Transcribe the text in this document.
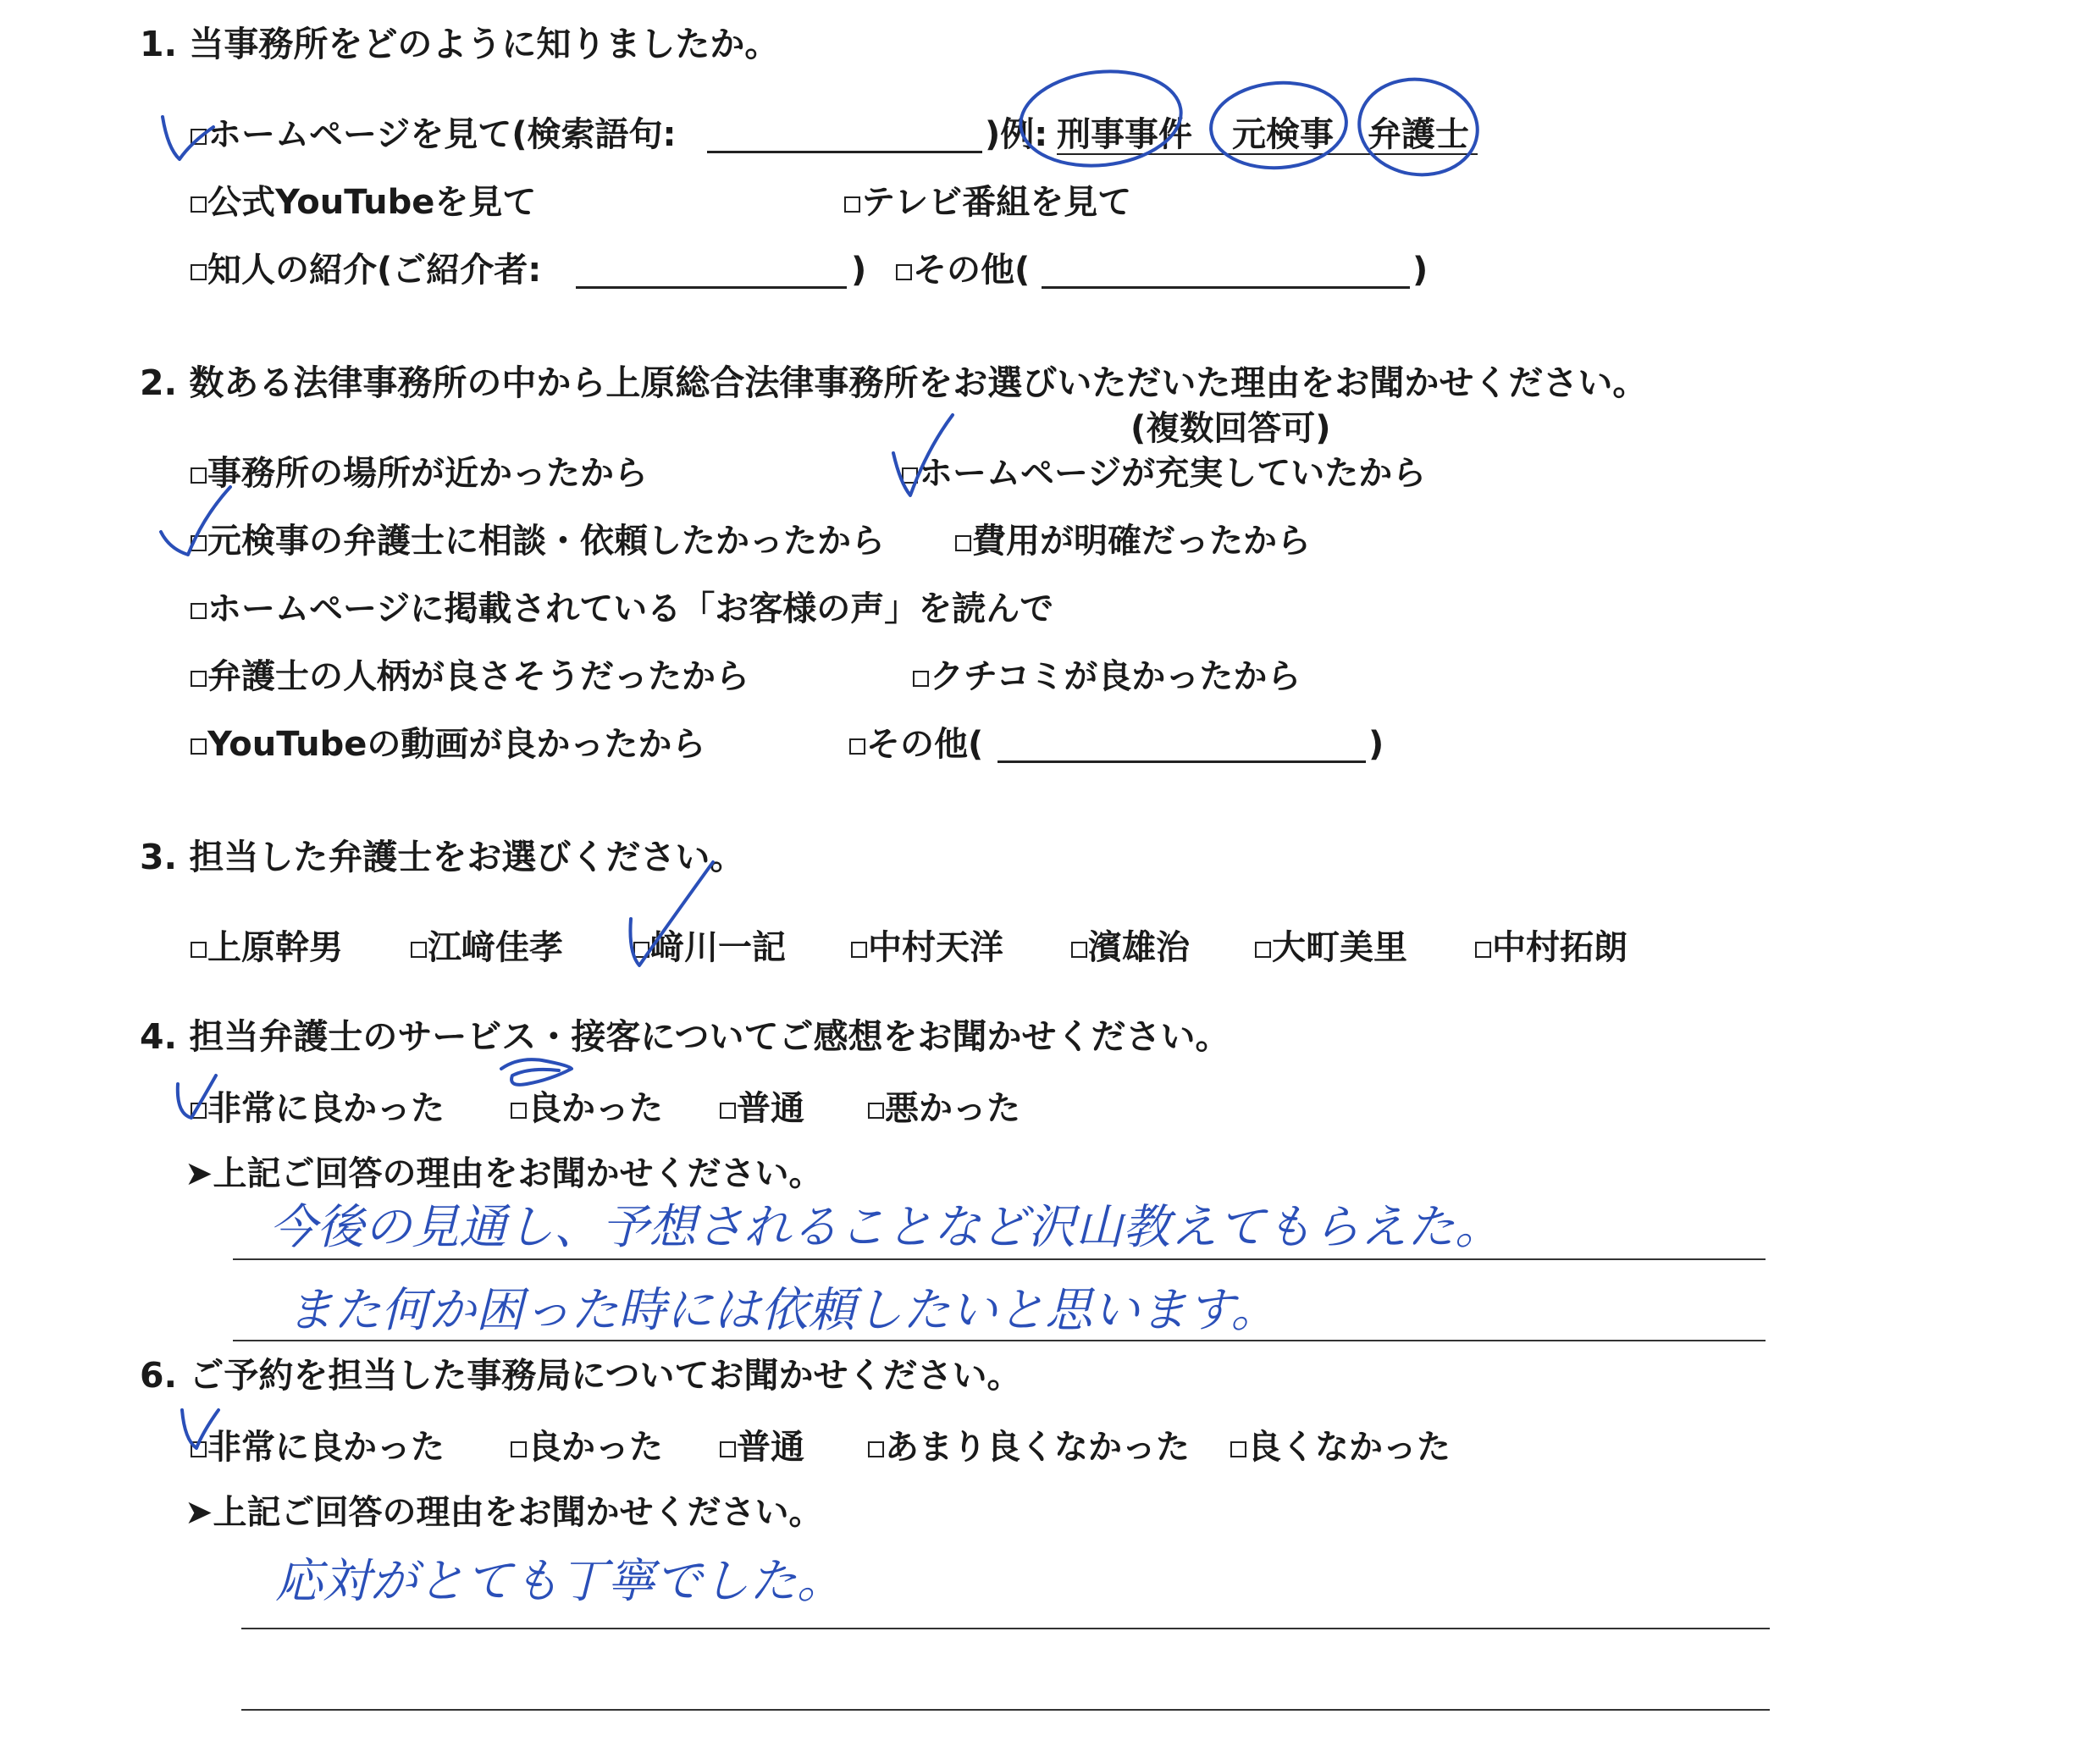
1. 当事務所をどのように知りましたか。
ホームページを見て(検索語句:	)例: 刑事事件 元検事 弁護士
公式YouTubeを見て	テレビ番組を見て
知人の紹介(ご紹介者:	) その他(	)
2. 数ある法律事務所の中から上原総合法律事務所をお選びいただいた理由をお聞かせください。
(複数回答可)
事務所の場所が近かったから	ホームページが充実していたから
元検事の弁護士に相談・依頼したかったから	費用が明確だったから
ホームページに掲載されている「お客様の声」を読んで
弁護士の人柄が良さそうだったから	クチコミが良かったから
YouTubeの動画が良かったから	その他(	)
3. 担当した弁護士をお選びください。
上原幹男	江﨑佳孝	﨑川一記 中村天洋	濱雄治 大町美里	中村拓朗
4. 担当弁護士のサービス・接客についてご感想をお聞かせください。
非常に良かった 良かった 普通 悪かった
➤上記ご回答の理由をお聞かせください。
今後の見通し、予想されることなど沢山教えてもらえた。
また何か困った時には依頼したいと思います。
6. ご予約を担当した事務局についてお聞かせください。
非常に良かった 良かった 普通 あまり良くなかった 良くなかった
➤上記ご回答の理由をお聞かせください。
応対がとても丁寧でした。
